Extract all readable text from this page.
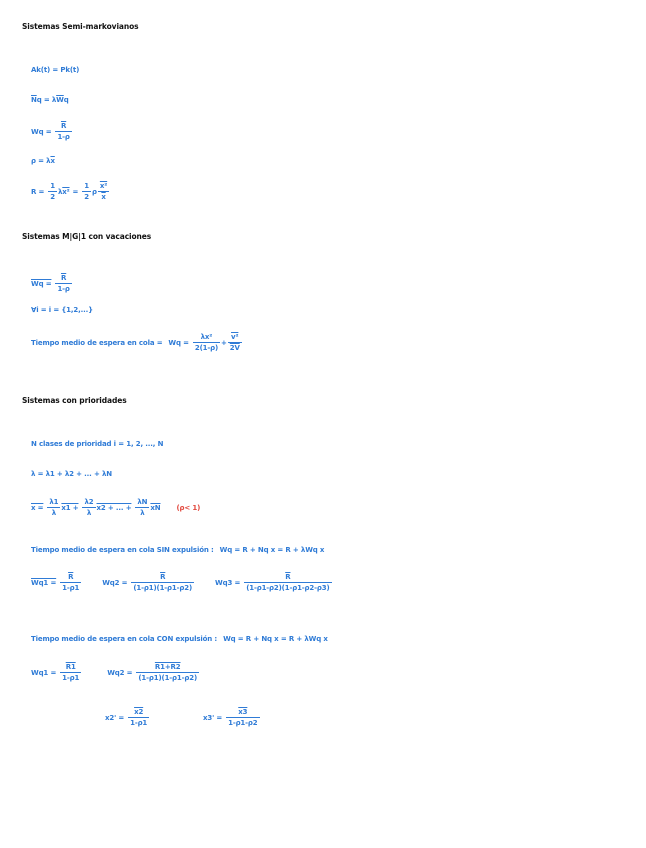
Sistemas Semi-markovianos
Ak(t) = Pk(t)
$\overline{N}$ q = λ $\overline{W}$ q
$Wq = \frac{\overline{R}}{1-\rho}$
ρ = λ $\overline{x}$
$R = \frac{1}{2}$ λ $x^2 = \frac{1}{2}$ ρ $\frac{\text{x²}}{x}$
Sistemas M|G|1 con vacaciones
$Wq = \frac{\overline{R}}{1-\rho}$
∀i = i = {1,2,...}
Tiempo medio de espera en cola = $Wq = \frac{\text{λx²}}{2(1-\rho)} + \frac{\text{v²}}{2V}$
Sistemas con prioridades
N clases de prioridad i = 1, 2, ..., N
λ = λ1 + λ2 + ... + λN
$x = \frac{\lambda 1}{\lambda} x1 + \frac{\lambda 2}{\lambda} x2$ + ... + $\frac{\lambda N}{\lambda} \overline{xN}$ (ρ< 1)
Tiempo medio de espera en cola SIN expulsión : Wq = R + Nq x = R + λWq x
$Wq1 = \frac{\overline{R}}{1-\rho 1}$	$Wq2 = \frac{\overline{R}}{(1-\rho 1)(1-\rho 1-\rho 2)}$	$Wq3 = \frac{\overline{R}}{(1-\rho 1-\rho 2)(1-\rho 1-\rho 2-\rho 3)}$
Tiempo medio de espera en cola CON expulsión : Wq = R + Nq x = R + λWq x
$Wq1 = \frac{R1}{1-\rho 1}$	$Wq2 = \frac{R1+R2}{(1-\rho 1)(1-\rho 1-\rho 2)}$
$x2' = \frac{x2}{1-\rho 1}$	$x3' = \frac{x3}{1-\rho 1-\rho 2}$
